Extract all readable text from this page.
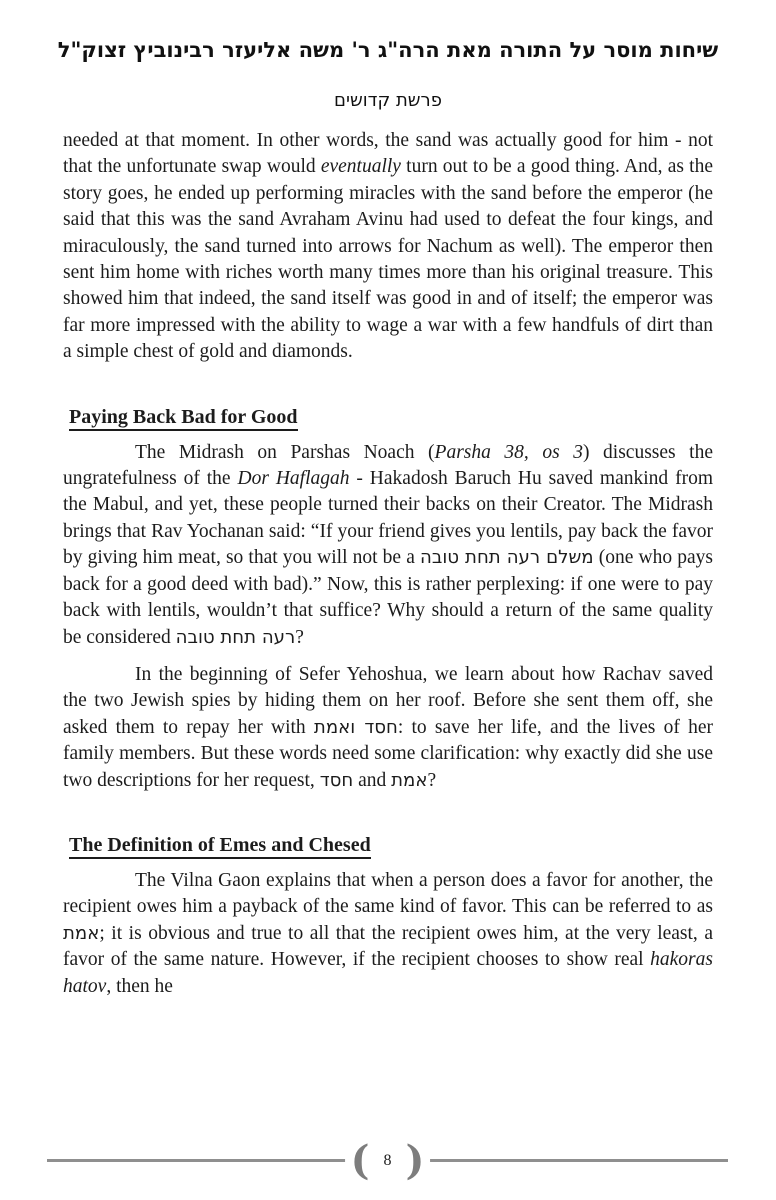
שיחות מוסר על התורה מאת הרה"ג ר' משה אליעזר רבינוביץ זצוק"ל
פרשת קדושים

needed at that moment. In other words, the sand was actually good for him - not that the unfortunate swap would eventually turn out to be a good thing. And, as the story goes, he ended up performing miracles with the sand before the emperor (he said that this was the sand Avraham Avinu had used to defeat the four kings, and miraculously, the sand turned into arrows for Nachum as well). The emperor then sent him home with riches worth many times more than his original treasure. This showed him that indeed, the sand itself was good in and of itself; the emperor was far more impressed with the ability to wage a war with a few handfuls of dirt than a simple chest of gold and diamonds.

Paying Back Bad for Good

The Midrash on Parshas Noach (Parsha 38, os 3) discusses the ungratefulness of the Dor Haflagah - Hakadosh Baruch Hu saved mankind from the Mabul, and yet, these people turned their backs on their Creator. The Midrash brings that Rav Yochanan said: “If your friend gives you lentils, pay back the favor by giving him meat, so that you will not be a משלם רעה תחת טובה (one who pays back for a good deed with bad).” Now, this is rather perplexing: if one were to pay back with lentils, wouldn’t that suffice? Why should a return of the same quality be considered רעה תחת טובה?

In the beginning of Sefer Yehoshua, we learn about how Rachav saved the two Jewish spies by hiding them on her roof. Before she sent them off, she asked them to repay her with חסד ואמת: to save her life, and the lives of her family members. But these words need some clarification: why exactly did she use two descriptions for her request, חסד and אמת?

The Definition of Emes and Chesed

The Vilna Gaon explains that when a person does a favor for another, the recipient owes him a payback of the same kind of favor. This can be referred to as אמת; it is obvious and true to all that the recipient owes him, at the very least, a favor of the same nature. However, if the recipient chooses to show real hakoras hatov, then he

( 8 )
